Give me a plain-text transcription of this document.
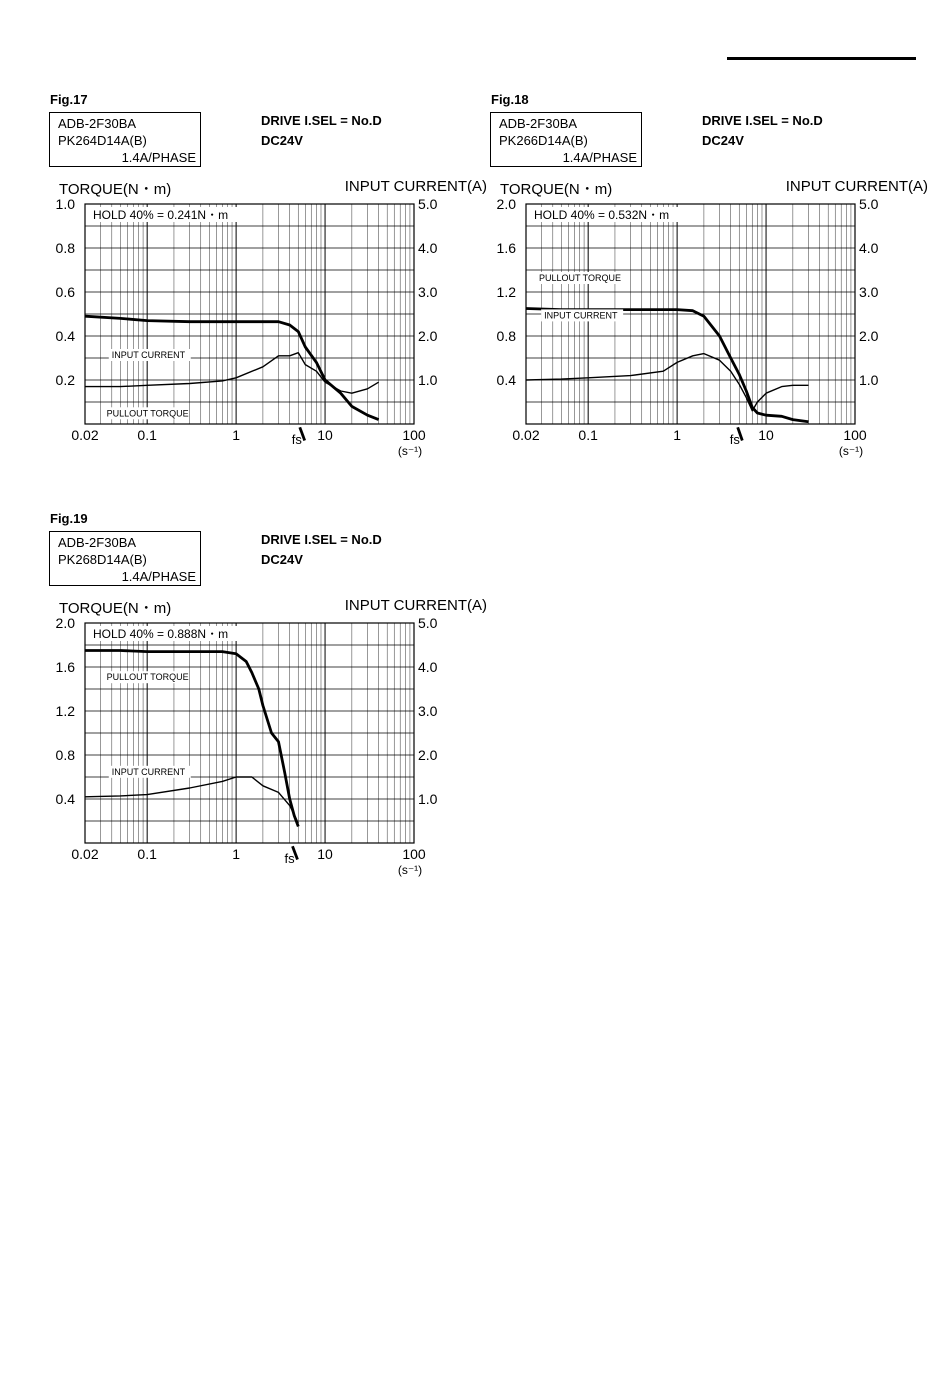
Fig.17
ADB-2F30BA
PK264D14A(B)

1.4A/PHASE
DRIVE I.SEL = No.D
DC24V
TORQUE(N・m)	INPUT CURRENT(A)
HOLD 40% = 0.241N・m
0.2
0.4
0.6
0.8
1.0
1.0
2.0
3.0
4.0
5.0
0.02	0.1	1	10	100
(s⁻¹)
PULLOUT TORQUE
INPUT CURRENT
fs
Fig.18
ADB-2F30BA
PK266D14A(B)

1.4A/PHASE
DRIVE I.SEL = No.D
DC24V
TORQUE(N・m)	INPUT CURRENT(A)
HOLD 40% = 0.532N・m
0.4
0.8
1.2
1.6
2.0
1.0
2.0
3.0
4.0
5.0
0.02	0.1	1	10	100
(s⁻¹)
PULLOUT TORQUE
INPUT CURRENT
fs
Fig.19
ADB-2F30BA
PK268D14A(B)

1.4A/PHASE
DRIVE I.SEL = No.D
DC24V
TORQUE(N・m)	INPUT CURRENT(A)
HOLD 40% = 0.888N・m
0.4
0.8
1.2
1.6
2.0
1.0
2.0
3.0
4.0
5.0
0.02	0.1	1	10	100
(s⁻¹)
PULLOUT TORQUE
INPUT CURRENT
fs
